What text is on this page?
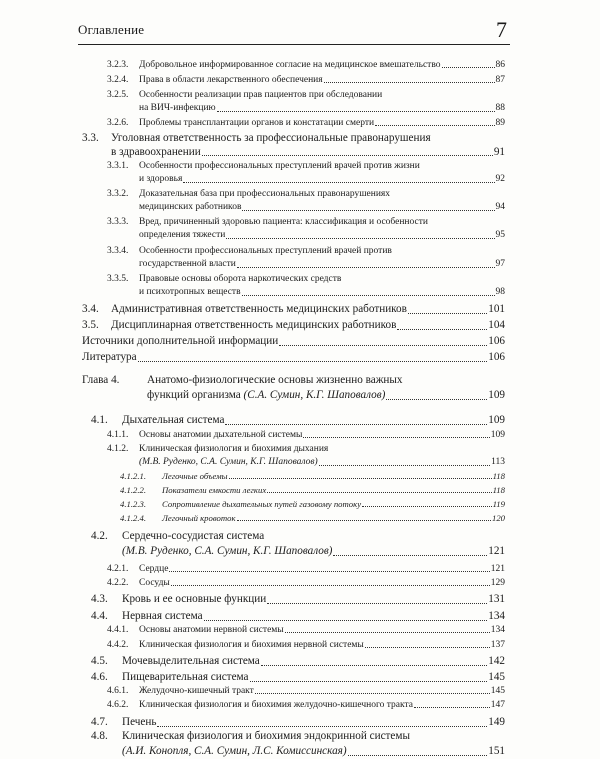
Оглавление	7
3.2.3. Добровольное информированное согласие на медицинское вмешательство	86
3.2.4. Права в области лекарственного обеспечения	87
3.2.5. Особенности реализации прав пациентов при обследовании
на ВИЧ-инфекцию	88
3.2.6. Проблемы трансплантации органов и констатации смерти	89
3.3. Уголовная ответственность за профессиональные правонарушения
в здравоохранении	91
3.3.1. Особенности профессиональных преступлений врачей против жизни
и здоровья	92
3.3.2. Доказательная база при профессиональных правонарушениях
медицинских работников	94
3.3.3. Вред, причиненный здоровью пациента: классификация и особенности
определения тяжести	95
3.3.4. Особенности профессиональных преступлений врачей против
государственной власти	97
3.3.5. Правовые основы оборота наркотических средств
и психотропных веществ	98
3.4. Административная ответственность медицинских работников	101
3.5. Дисциплинарная ответственность медицинских работников	104
Источники дополнительной информации	106
Литература	106
Глава 4. Анатомо-физиологические основы жизненно важных
функций организма (С.А. Сумин, К.Г. Шаповалов)	109
4.1. Дыхательная система	109
4.1.1. Основы анатомии дыхательной системы	109
4.1.2. Клиническая физиология и биохимия дыхания
(М.В. Руденко, С.А. Сумин, К.Г. Шаповалов)	113
4.1.2.1. Легочные объемы	118
4.1.2.2. Показатели емкости легких	118
4.1.2.3. Сопротивление дыхательных путей газовому потоку	119
4.1.2.4. Легочный кровоток	120
4.2. Сердечно-сосудистая система
(М.В. Руденко, С.А. Сумин, К.Г. Шаповалов)	121
4.2.1. Сердце	121
4.2.2. Сосуды	129
4.3. Кровь и ее основные функции	131
4.4. Нервная система	134
4.4.1. Основы анатомии нервной системы	134
4.4.2. Клиническая физиология и биохимия нервной системы	137
4.5. Мочевыделительная система	142
4.6. Пищеварительная система	145
4.6.1. Желудочно-кишечный тракт	145
4.6.2. Клиническая физиология и биохимия желудочно-кишечного тракта	147
4.7. Печень	149
4.8. Клиническая физиология и биохимия эндокринной системы
(А.И. Конопля, С.А. Сумин, Л.С. Комиссинская)	151
